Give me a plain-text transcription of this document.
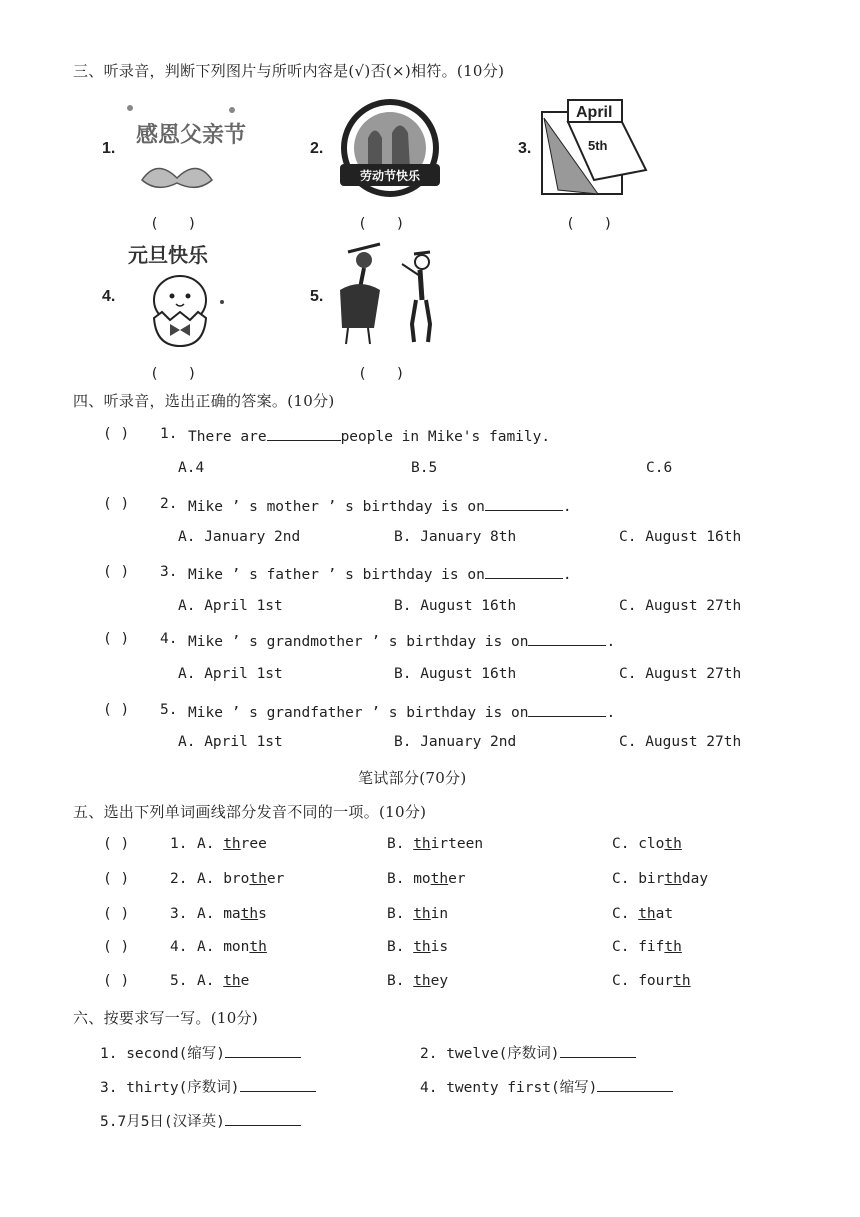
三、听录音，判断下列图片与所听内容是(√)否(×)相符。(10分)
1.
感恩父亲节
(　　)
2.
劳动节快乐
(　　)
3.
April
5th
(　　)
4.
元旦快乐
(　　)
5.
(　　)
四、听录音，选出正确的答案。(10分)
( ) 1. There are	people in Mike's family.
A.4	B.5	C.6
( ) 2. Mike ’ s mother ’ s birthday is on	.
A. January 2nd	B. January 8th	C. August 16th
( ) 3. Mike ’ s father ’ s birthday is on	.
A. April 1st	B. August 16th	C. August 27th
( ) 4. Mike ’ s grandmother ’ s birthday is on	.
A. April 1st	B. August 16th	C. August 27th
( ) 5. Mike ’ s grandfather ’ s birthday is on	.
A. April 1st	B. January 2nd	C. August 27th
笔试部分(70分)
五、选出下列单词画线部分发音不同的一项。(10分)
( )	1. A. three	B. thirteen	C. cloth
( )	2. A. brother	B. mother	C. birthday
( )	3. A. maths	B. thin	C. that
( )	4. A. month	B. this	C. fifth
( )	5. A. the	B. they	C. fourth
六、按要求写一写。(10分)
1. second(缩写)	2. twelve(序数词)
3. thirty(序数词)	4. twenty first(缩写)
5.7月5日(汉译英)
